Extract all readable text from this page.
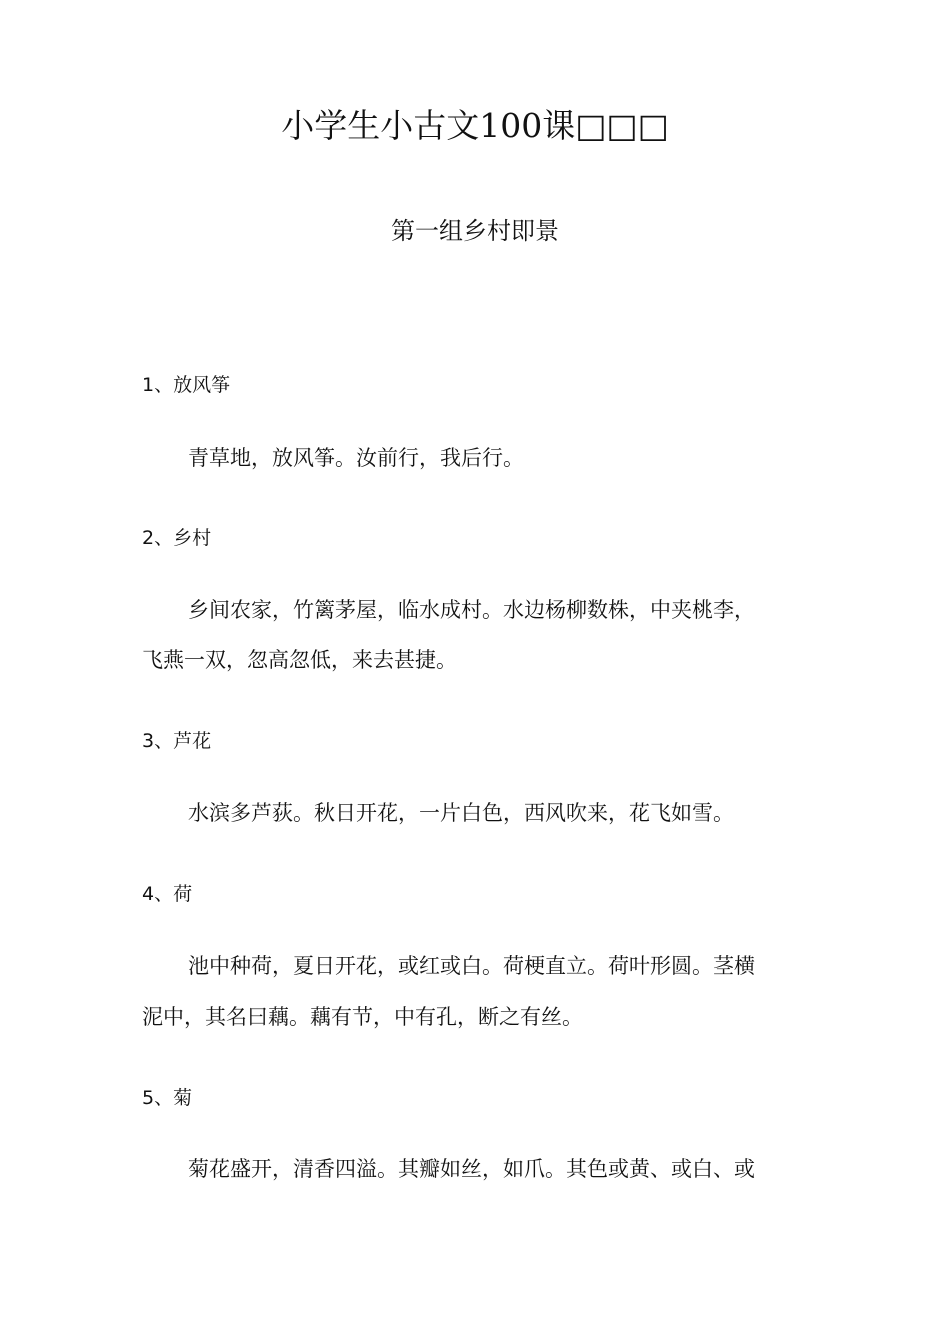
小学生小古文100课□□□
第一组乡村即景
1、放风筝
青草地，放风筝。汝前行，我后行。
2、乡村
乡间农家，竹篱茅屋，临水成村。水边杨柳数株，中夹桃李，
飞燕一双，忽高忽低，来去甚捷。
3、芦花
水滨多芦荻。秋日开花，一片白色，西风吹来，花飞如雪。
4、荷
池中种荷，夏日开花，或红或白。荷梗直立。荷叶形圆。茎横
泥中，其名曰藕。藕有节，中有孔，断之有丝。
5、菊
菊花盛开，清香四溢。其瓣如丝，如爪。其色或黄、或白、或
